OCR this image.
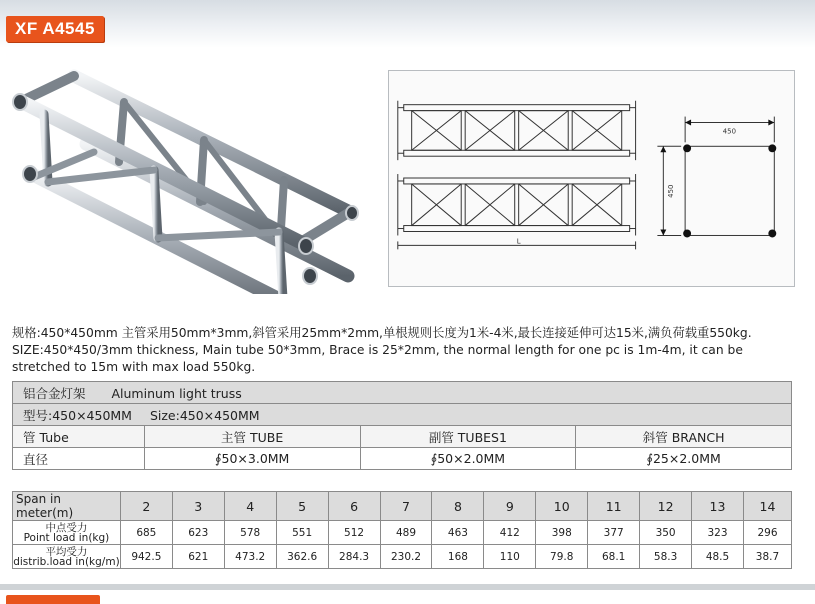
XF A4545
L
450
450
规格:450*450mm 主管采用50mm*3mm,斜管采用25mm*2mm,单根规则长度为1米-4米,最长连接延伸可达15米,满负荷载重550kg.
SIZE:450*450/3mm thickness, Main tube 50*3mm, Brace is 25*2mm, the normal length for one pc is 1m-4m, it can be
stretched to 15m with max load 550kg.
铝合金灯架 Aluminum light truss			
型号:450×450MM Size:450×450MM			
管 Tube	主管 TUBE	副管 TUBES1	斜管 BRANCH
直径	∮50×3.0MM	∮50×2.0MM	∮25×2.0MM
Span in meter(m)	2	3	4	5	6	7	8	9	10	11	12	13	14

中点受力
Point load in(kg)	685	623	578	551	512	489	463	412	398	377	350	323	296

平均受力
distrib.load in(kg/m)	942.5	621	473.2	362.6	284.3	230.2	168	110	79.8	68.1	58.3	48.5	38.7
